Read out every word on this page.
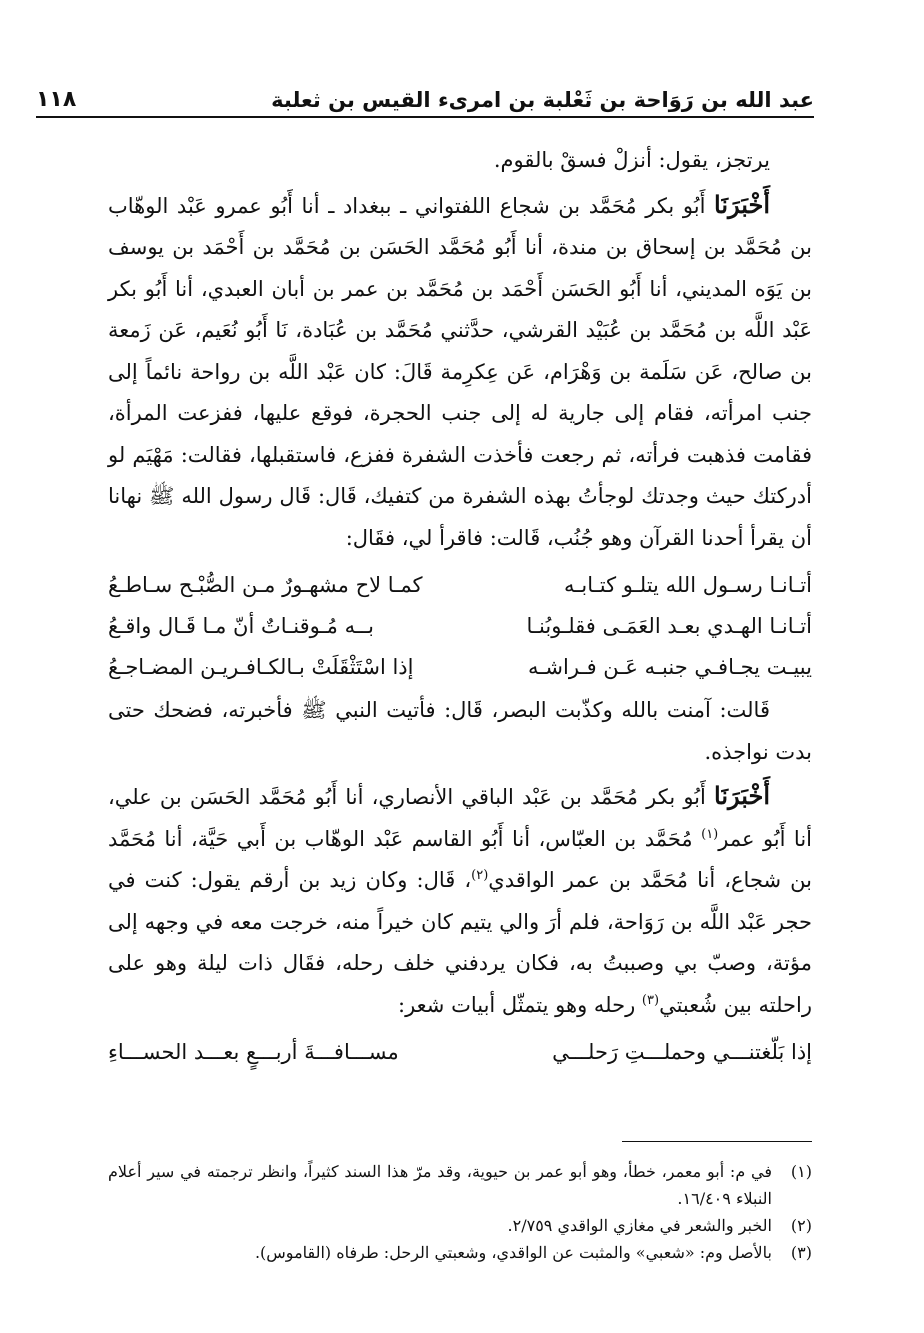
عبد الله بن رَوَاحة بن ثَعْلبة بن امرىء القيس بن ثعلبة
١١٨

يرتجز، يقول: أنزلْ فسقْ بالقوم.

أَخْبَرَنَا أَبُو بكر مُحَمَّد بن شجاع اللفتواني ـ ببغداد ـ أنا أَبُو عمرو عَبْد الوهّاب بن مُحَمَّد بن إسحاق بن مندة، أنا أَبُو مُحَمَّد الحَسَن بن مُحَمَّد بن أَحْمَد بن يوسف بن يَوَه المديني، أنا أَبُو الحَسَن أَحْمَد بن مُحَمَّد بن عمر بن أبان العبدي، أنا أَبُو بكر عَبْد اللَّه بن مُحَمَّد بن عُبَيْد القرشي، حدَّثني مُحَمَّد بن عُبَادة، نَا أَبُو نُعَيم، عَن زَمعة بن صالح، عَن سَلَمة بن وَهْرَام، عَن عِكرِمة قَالَ: كان عَبْد اللَّه بن رواحة نائماً إلى جنب امرأته، فقام إلى جارية له إلى جنب الحجرة، فوقع عليها، ففزعت المرأة، فقامت فذهبت فرأته، ثم رجعت فأخذت الشفرة ففزع، فاستقبلها، فقالت: مَهْيَم لو أدركتك حيث وجدتك لوجأتُ بهذه الشفرة من كتفيك، قَال: قَال رسول الله ﷺ نهانا أن يقرأ أحدنا القرآن وهو جُنُب، قَالت: فاقرأ لي، فقَال:

أتـانـا رسـول الله يتلـو كتـابـه
كمـا لاح مشهـورٌ مـن الصُّبْـح سـاطـعُ
أتـانـا الهـدي بعـد العَمَـى فقلـوبُنـا
بــه مُـوقنـاتٌ أنّ مـا قَـال واقـعُ
يبيـت يجـافـي جنبـه عَـن فـراشـه
إذا اسْتَثْقَلَتْ بـالكـافـريـن المضـاجـعُ

قَالت: آمنت بالله وكذّبت البصر، قَال: فأتيت النبي ﷺ فأخبرته، فضحك حتى بدت نواجذه.

أَخْبَرَنَا أَبُو بكر مُحَمَّد بن عَبْد الباقي الأنصاري، أنا أَبُو مُحَمَّد الحَسَن بن علي، أنا أَبُو عمر$^{(١)}$ مُحَمَّد بن العبّاس، أنا أَبُو القاسم عَبْد الوهّاب بن أَبي حَيَّة، أنا مُحَمَّد بن شجاع، أنا مُحَمَّد بن عمر الواقدي$^{(٢)}$، قَال: وكان زيد بن أرقم يقول: كنت في حجر عَبْد اللَّه بن رَوَاحة، فلم أرَ والي يتيم كان خيراً منه، خرجت معه في وجهه إلى مؤتة، وصبّ بي وصببتُ به، فكان يردفني خلف رحله، فقَال ذات ليلة وهو على راحلته بين شُعبتي$^{(٣)}$ رحله وهو يتمثّل أبيات شعر:

إذا بَلّغتنـــي وحملـــتِ رَحلـــي
مســـافـــةَ أربـــعٍ بعـــد الحســـاءِ
(١)
في م: أبو معمر، خطأ، وهو أبو عمر بن حيوية، وقد مرّ هذا السند كثيراً، وانظر ترجمته في سير أعلام النبلاء ١٦/٤٠٩.
(٢)
الخبر والشعر في مغازي الواقدي ٢/٧٥٩.
(٣)
بالأصل وم: «شعبي» والمثبت عن الواقدي، وشعبتي الرحل: طرفاه (القاموس).
